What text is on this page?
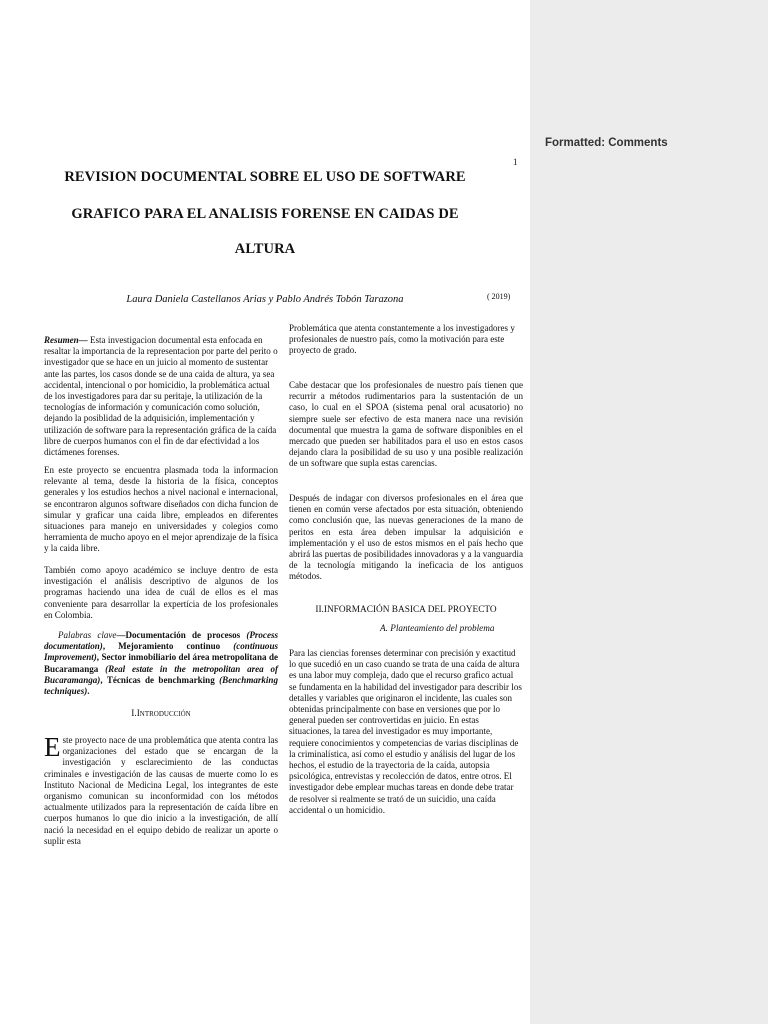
Formatted: Comments
1
REVISION DOCUMENTAL SOBRE EL USO DE SOFTWARE
GRAFICO PARA EL ANALISIS FORENSE EN CAIDAS DE
ALTURA
Laura Daniela Castellanos Arias y Pablo Andrés Tobón Tarazona	( 2019)

Resumen— Esta investigacion documental esta enfocada en resaltar la importancia de la representacion por parte del perito o investigador que se hace en un juicio al momento de sustentar ante las partes, los casos donde se de una caida de altura, ya sea accidental, intencional o por homicidio, la problemática actual de los investigadores para dar su peritaje, la utilización de la tecnologías de información y comunicación como solución, dejando la posiblidad de la adquisición, implementación y utilización de software para la representación gráfica de la caída libre de cuerpos humanos con el fin de dar efectividad a los dictámenes forenses.

En este proyecto se encuentra plasmada toda la informacion relevante al tema, desde la historia de la física, conceptos generales y los estudios hechos a nivel nacional e internacional, se encontraron algunos software diseñados con dicha funcion de simular y graficar una caida libre, empleados en diferentes situaciones para manejo en universidades y colegios como herramienta de mucho apoyo en el mejor aprendizaje de la física y la caida libre.
También como apoyo académico se incluye dentro de esta investigación el análisis descriptivo de algunos de los programas haciendo una idea de cuál de ellos es el mas conveniente para desarrollar la expertícia de los profesionales en Colombia.

Palabras clave—Documentación de procesos (Process documentation), Mejoramiento continuo (continuous Improvement), Sector inmobiliario del área metropolitana de Bucaramanga (Real estate in the metropolitan area of Bucaramanga), Técnicas de benchmarking (Benchmarking techniques).

I.Introducción
Este proyecto nace de una problemática que atenta contra las organizaciones del estado que se encargan de la investigación y esclarecimiento de las conductas criminales e investigación de las causas de muerte como lo es Instituto Nacional de Medicina Legal, los integrantes de este organismo comunican su inconformidad con los métodos actualmente utilizados para la representación de caída libre en cuerpos humanos lo que dio inicio a la investigación, de allí nació la necesidad en el equipo debido de realizar un aporte o suplir esta
Problemática que atenta constantemente a los investigadores y profesionales de nuestro país, como la motivación para este proyecto de grado.
Cabe destacar que los profesionales de nuestro país tienen que recurrir a métodos rudimentarios para la sustentación de un caso, lo cual en el SPOA (sistema penal oral acusatorio) no siempre suele ser efectivo de esta manera nace una revisión documental que muestra la gama de software disponibles en el mercado que pueden ser habilitados para el uso en estos casos dejando clara la posibilidad de su uso y una posible realización de un software que supla estas carencias.
Después de indagar con diversos profesionales en el área que tienen en común verse afectados por esta situación, obteniendo como conclusión que, las nuevas generaciones de la mano de peritos en esta área deben impulsar la adquisición e implementación y el uso de estos mismos en el país hecho que abrirá las puertas de posibilidades innovadoras y a la vanguardia de la tecnología mitigando la ineficacia de los antiguos métodos.
II.INFORMACIÓN BASICA DEL PROYECTO
A. Planteamiento del problema
Para las ciencias forenses determinar con precisión y exactitud lo que sucedió en un caso cuando se trata de una caída de altura es una labor muy compleja, dado que el recurso grafico actual se fundamenta en la habilidad del investigador para describir los detalles y variables que originaron el incidente, las cuales son obtenidas principalmente con base en versiones que por lo general pueden ser controvertidas en juicio. En estas situaciones, la tarea del investigador es muy importante, requiere conocimientos y competencias de varias disciplinas de la criminalística, así como el estudio y análisis del lugar de los hechos, el estudio de la trayectoria de la caída, autopsia psicológica, entrevistas y recolección de datos, entre otros. El investigador debe emplear muchas tareas en donde debe tratar de resolver si realmente se trató de un suicidio, una caída accidental o un homicidio.
